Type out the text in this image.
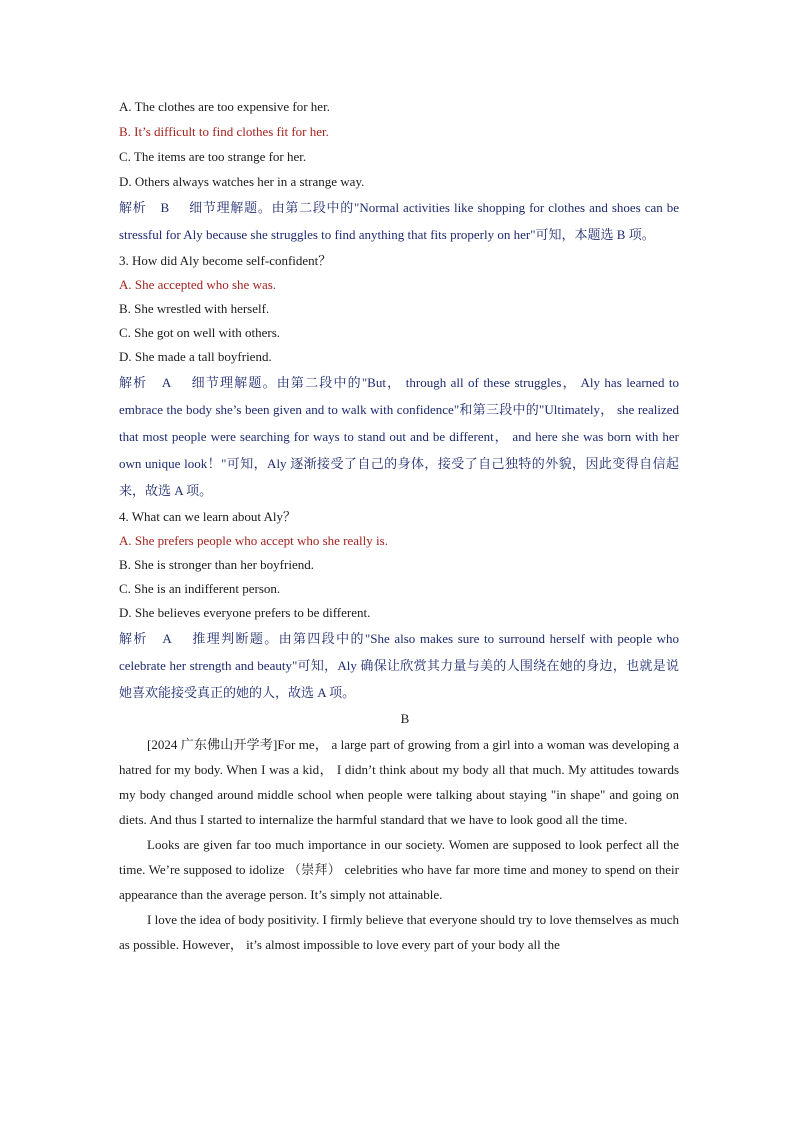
A. The clothes are too expensive for her.
B. It’s difficult to find clothes fit for her.
C. The items are too strange for her.
D. Others always watches her in a strange way.
解析 B 细节理解题。由第二段中的"Normal activities like shopping for clothes and shoes can be stressful for Aly because she struggles to find anything that fits properly on her"可知，本题选 B 项。
3. How did Aly become self-confident？
A. She accepted who she was.
B. She wrestled with herself.
C. She got on well with others.
D. She made a tall boyfriend.
解析 A 细节理解题。由第二段中的"But， through all of these struggles， Aly has learned to embrace the body she’s been given and to walk with confidence"和第三段中的"Ultimately， she realized that most people were searching for ways to stand out and be different， and here she was born with her own unique look！"可知，Aly 逐渐接受了自己的身体，接受了自己独特的外貌，因此变得自信起来，故选 A 项。
4. What can we learn about Aly？
A. She prefers people who accept who she really is.
B. She is stronger than her boyfriend.
C. She is an indifferent person.
D. She believes everyone prefers to be different.
解析 A 推理判断题。由第四段中的"She also makes sure to surround herself with people who celebrate her strength and beauty"可知，Aly 确保让欣赏其力量与美的人围绕在她的身边，也就是说她喜欢能接受真正的她的人，故选 A 项。
B

[2024 广东佛山开学考]For me， a large part of growing from a girl into a woman was developing a hatred for my body. When I was a kid， I didn’t think about my body all that much. My attitudes towards my body changed around middle school when people were talking about staying "in shape" and going on diets. And thus I started to internalize the harmful standard that we have to look good all the time.

Looks are given far too much importance in our society. Women are supposed to look perfect all the time. We’re supposed to idolize （崇拜） celebrities who have far more time and money to spend on their appearance than the average person. It’s simply not attainable.

I love the idea of body positivity. I firmly believe that everyone should try to love themselves as much as possible. However， it’s almost impossible to love every part of your body all the
